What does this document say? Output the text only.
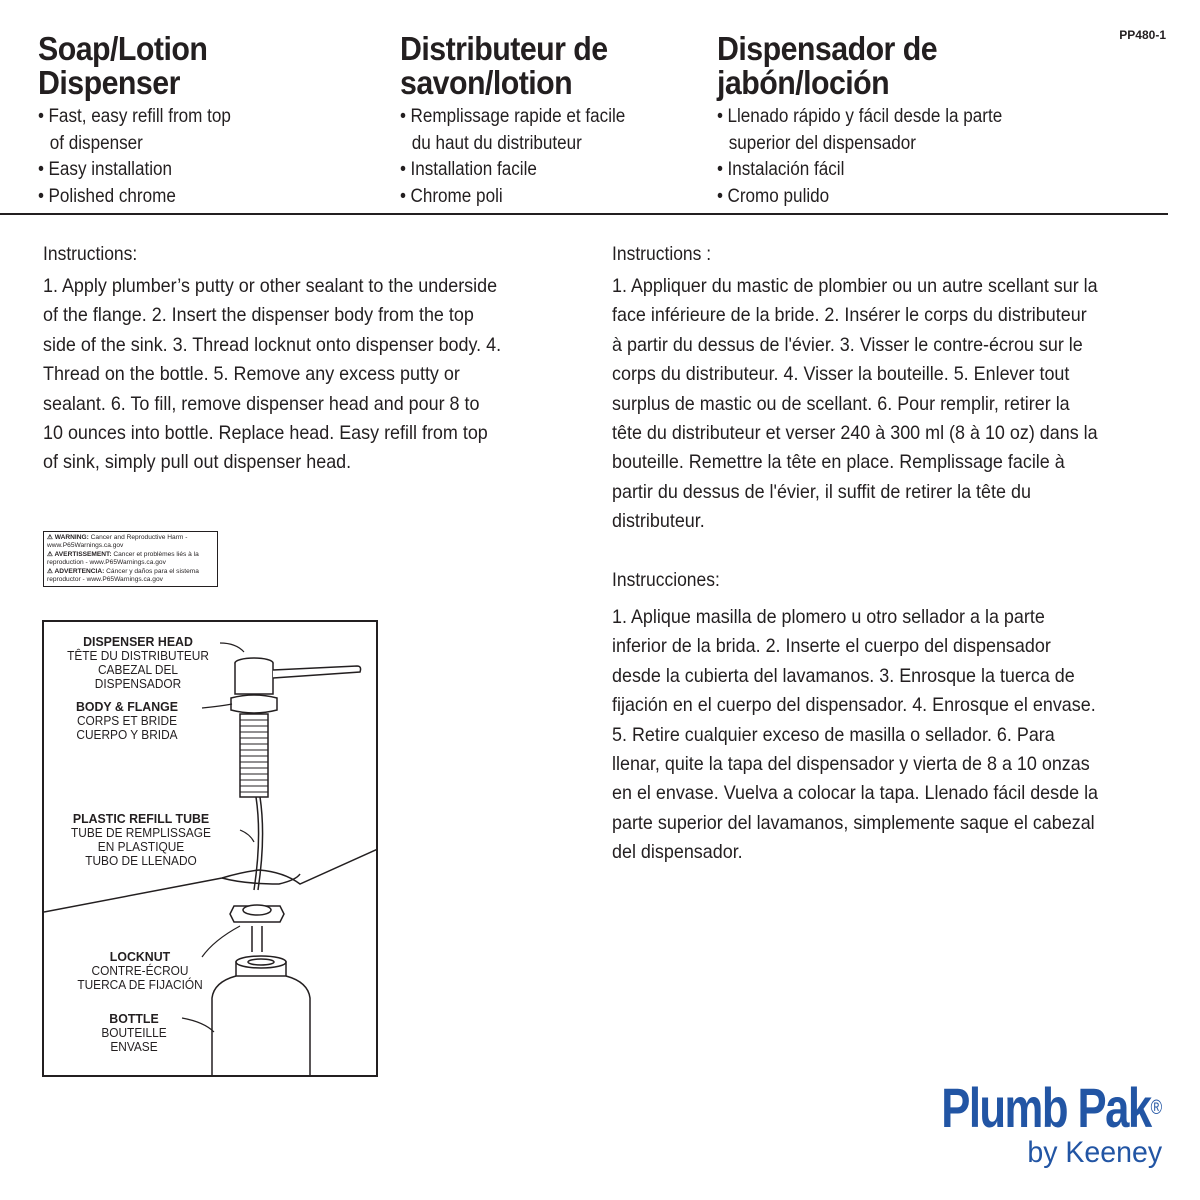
Soap/Lotion
Dispenser
• Fast, easy refill from top of dispenser
• Easy installation
• Polished chrome
Distributeur de
savon/lotion
• Remplissage rapide et facile du haut du distributeur
• Installation facile
• Chrome poli
Dispensador de
jabón/loción
• Llenado rápido y fácil desde la parte superior del dispensador
• Instalación fácil
• Cromo pulido
PP480-1
Instructions:
1. Apply plumber’s putty or other sealant to the underside of the flange. 2. Insert the dispenser body from the top side of the sink. 3. Thread locknut onto dispenser body. 4. Thread on the bottle. 5. Remove any excess putty or sealant. 6. To fill, remove dispenser head and pour 8 to 10 ounces into bottle. Replace head. Easy refill from top of sink, simply pull out dispenser head.
Instructions :
1. Appliquer du mastic de plombier ou un autre scellant sur la face inférieure de la bride. 2. Insérer le corps du distributeur à partir du dessus de l'évier. 3. Visser le contre-écrou sur le corps du distributeur. 4. Visser la bouteille. 5. Enlever tout surplus de mastic ou de scellant. 6. Pour remplir, retirer la tête du distributeur et verser 240 à 300 ml (8 à 10 oz) dans la bouteille. Remettre la tête en place. Remplissage facile à partir du dessus de l'évier, il suffit de retirer la tête du distributeur.
Instrucciones:
1. Aplique masilla de plomero u otro sellador a la parte inferior de la brida. 2. Inserte el cuerpo del dispensador desde la cubierta del lavamanos. 3. Enrosque la tuerca de fijación en el cuerpo del dispensador. 4. Enrosque el envase. 5. Retire cualquier exceso de masilla o sellador. 6. Para llenar, quite la tapa del dispensador y vierta de 8 a 10 onzas en el envase. Vuelva a colocar la tapa. Llenado fácil desde la parte superior del lavamanos, simplemente saque el cabezal del dispensador.

⚠ WARNING: Cancer and Reproductive Harm - www.P65Warnings.ca.gov

⚠ AVERTISSEMENT: Cancer et problèmes liés à la reproduction - www.P65Warnings.ca.gov

⚠ ADVERTENCIA: Cáncer y daños para el sistema reproductor - www.P65Warnings.ca.gov

DISPENSER HEAD
TÊTE DU DISTRIBUTEUR
CABEZAL DEL DISPENSADOR
BODY & FLANGE
CORPS ET BRIDE
CUERPO Y BRIDA
PLASTIC REFILL TUBE
TUBE DE REMPLISSAGE
EN PLASTIQUE
TUBO DE LLENADO
LOCKNUT
CONTRE-ÉCROU
TUERCA DE FIJACIÓN
BOTTLE
BOUTEILLE
ENVASE
Plumb Pak®
by Keeney
